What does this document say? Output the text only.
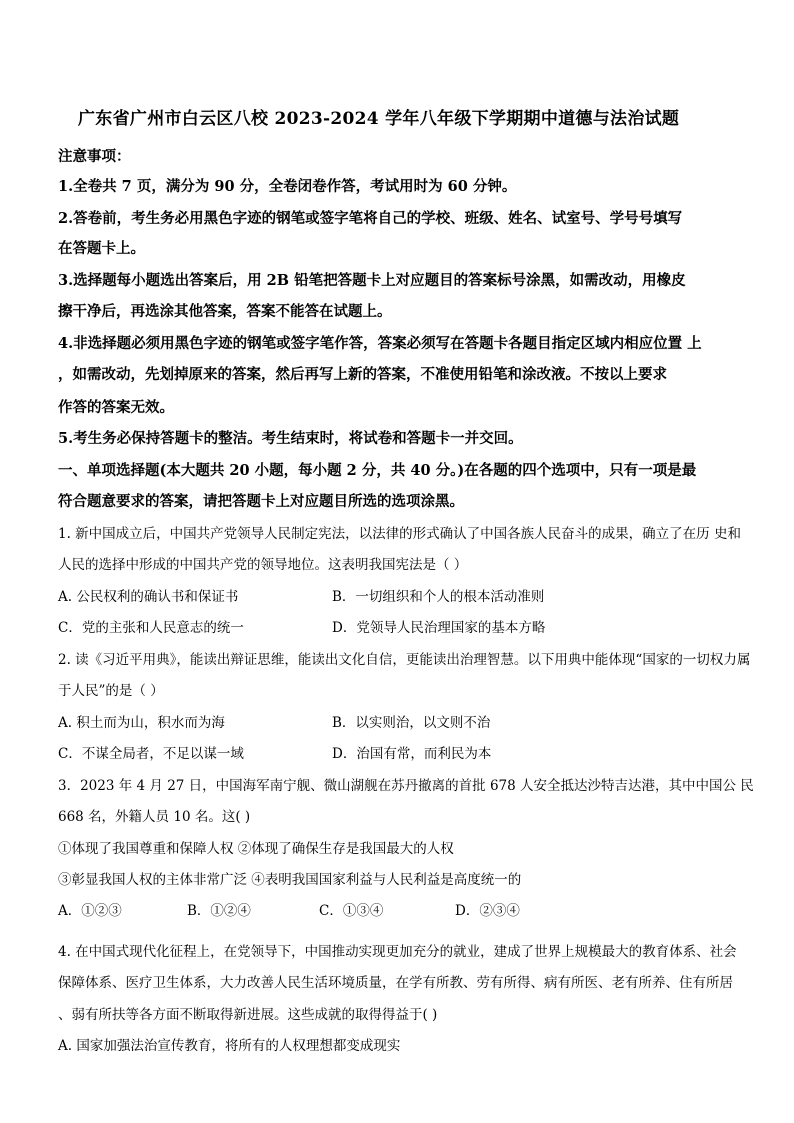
广东省广州市白云区八校 2023-2024 学年八年级下学期期中道德与法治试题
注意事项：
1.全卷共 7 页，满分为 90 分，全卷闭卷作答，考试用时为 60 分钟。
2.答卷前，考生务必用黑色字迹的钢笔或签字笔将自己的学校、班级、姓名、试室号、学号号填写
在答题卡上。
3.选择题每小题选出答案后，用 2B 铅笔把答题卡上对应题目的答案标号涂黑，如需改动，用橡皮
擦干净后，再选涂其他答案，答案不能答在试题上。
4.非选择题必须用黑色字迹的钢笔或签字笔作答，答案必须写在答题卡各题目指定区域内相应位置 上
，如需改动，先划掉原来的答案，然后再写上新的答案，不准使用铅笔和涂改液。不按以上要求
作答的答案无效。
5.考生务必保持答题卡的整洁。考生结束时，将试卷和答题卡一并交回。
一、单项选择题(本大题共 20 小题，每小题 2 分，共 40 分。)在各题的四个选项中，只有一项是最
符合题意要求的答案，请把答题卡上对应题目所选的选项涂黑。
1. 新中国成立后，中国共产党领导人民制定宪法，以法律的形式确认了中国各族人民奋斗的成果，确立了在历 史和
人民的选择中形成的中国共产党的领导地位。这表明我国宪法是（ ）
A. 公民权利的确认书和保证书	B．一切组织和个人的根本活动准则
C．党的主张和人民意志的统一	D．党领导人民治理国家的基本方略
2. 读《习近平用典》，能读出辩证思维，能读出文化自信，更能读出治理智慧。以下用典中能体现“国家的一切权力属
于人民”的是（ ）
A. 积土而为山，积水而为海	B．以实则治，以文则不治
C．不谋全局者，不足以谋一域	D．治国有常，而利民为本
3．2023 年 4 月 27 日，中国海军南宁舰、微山湖舰在苏丹撤离的首批 678 人安全抵达沙特吉达港，其中中国公 民
668 名，外籍人员 10 名。这( )
①体现了我国尊重和保障人权 ②体现了确保生存是我国最大的人权
③彰显我国人权的主体非常广泛 ④表明我国国家利益与人民利益是高度统一的
A．①②③	B．①②④	C．①③④	D．②③④
4. 在中国式现代化征程上，在党领导下，中国推动实现更加充分的就业，建成了世界上规模最大的教育体系、社会
保障体系、医疗卫生体系，大力改善人民生活环境质量，在学有所教、劳有所得、病有所医、老有所养、住有所居
、弱有所扶等各方面不断取得新进展。这些成就的取得得益于( )
A. 国家加强法治宣传教育，将所有的人权理想都变成现实
